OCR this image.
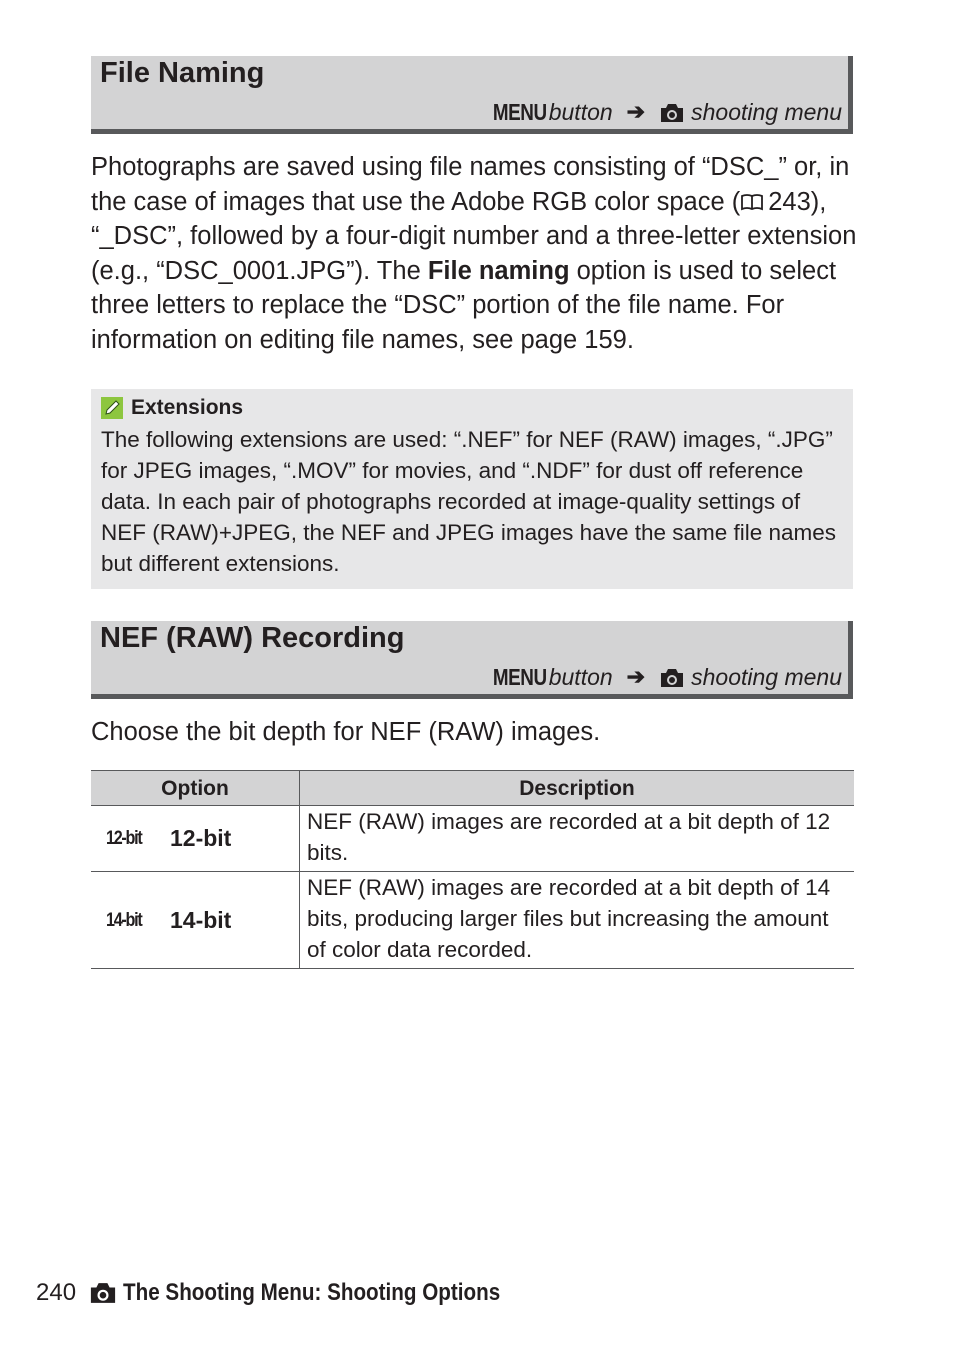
File Naming
MENU button ➔ shooting menu

Photographs are saved using file names consisting of “DSC_” or, in the case of images that use the Adobe RGB color space ( 243), “_DSC”, followed by a four-digit number and a three-letter extension (e.g., “DSC_0001.JPG”). The File naming option is used to select three letters to replace the “DSC” portion of the file name. For information on editing file names, see page 159.

Extensions

The following extensions are used: “.NEF” for NEF (RAW) images, “.JPG” for JPEG images, “.MOV” for movies, and “.NDF” for dust off reference data. In each pair of photographs recorded at image-quality settings of NEF (RAW)+JPEG, the NEF and JPEG images have the same file names but different extensions.

NEF (RAW) Recording
MENU button ➔ shooting menu

Choose the bit depth for NEF (RAW) images.

Option	Description

12-bit 12-bit	NEF (RAW) images are recorded at a bit depth of 12 bits.

14-bit 14-bit	NEF (RAW) images are recorded at a bit depth of 14 bits, producing larger files but increasing the amount of color data recorded.
240 The Shooting Menu: Shooting Options
